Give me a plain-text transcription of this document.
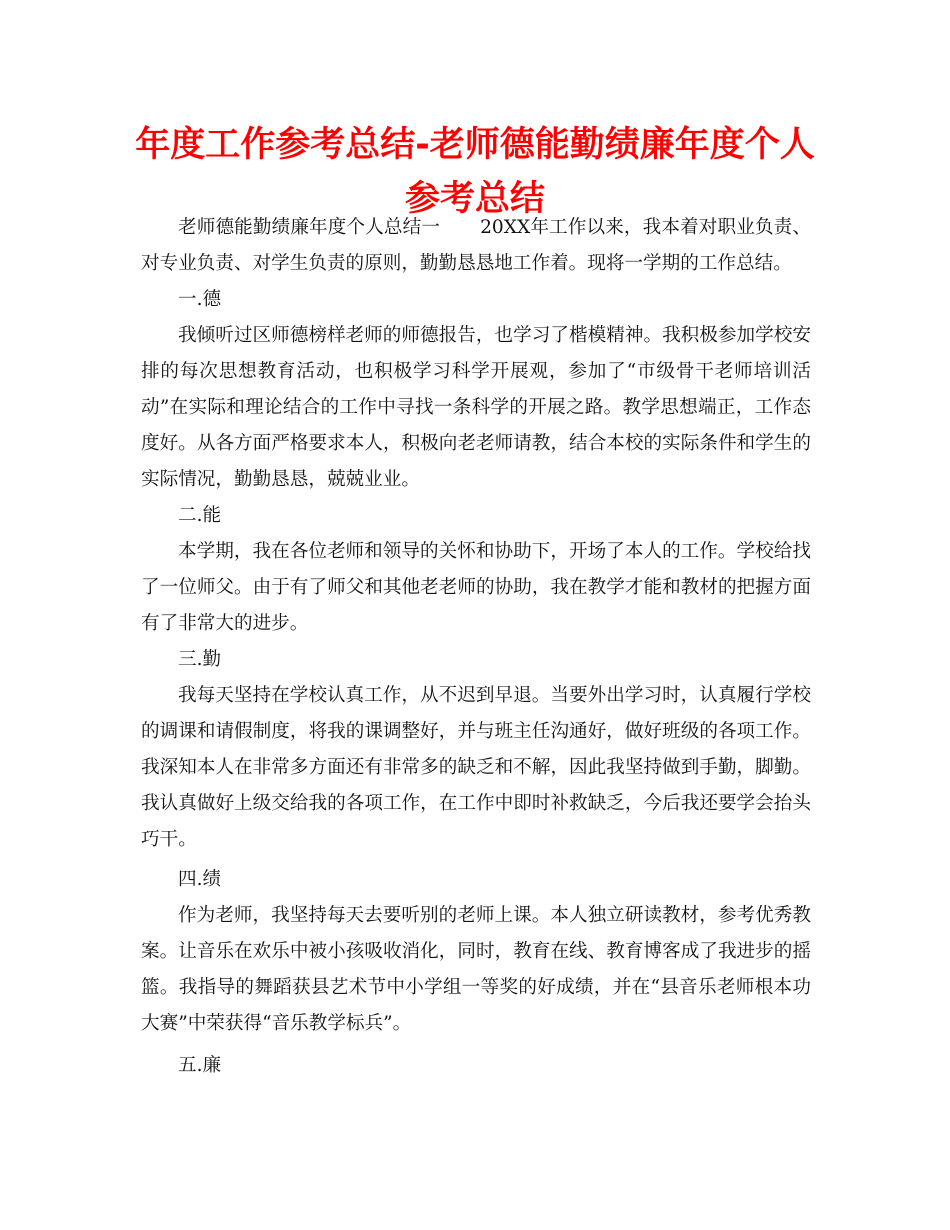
年度工作参考总结-老师德能勤绩廉年度个人参考总结

老师德能勤绩廉年度个人总结一 20XX年工作以来，我本着对职业负责、对专业负责、对学生负责的原则，勤勤恳恳地工作着。现将一学期的工作总结。

一.德

我倾听过区师德榜样老师的师德报告，也学习了楷模精神。我积极参加学校安排的每次思想教育活动，也积极学习科学开展观，参加了“市级骨干老师培训活动”在实际和理论结合的工作中寻找一条科学的开展之路。教学思想端正，工作态度好。从各方面严格要求本人，积极向老老师请教，结合本校的实际条件和学生的实际情况，勤勤恳恳，兢兢业业。

二.能

本学期，我在各位老师和领导的关怀和协助下，开场了本人的工作。学校给找了一位师父。由于有了师父和其他老老师的协助，我在教学才能和教材的把握方面有了非常大的进步。

三.勤

我每天坚持在学校认真工作，从不迟到早退。当要外出学习时，认真履行学校的调课和请假制度，将我的课调整好，并与班主任沟通好，做好班级的各项工作。我深知本人在非常多方面还有非常多的缺乏和不解，因此我坚持做到手勤，脚勤。我认真做好上级交给我的各项工作，在工作中即时补救缺乏，今后我还要学会抬头巧干。

四.绩

作为老师，我坚持每天去要听别的老师上课。本人独立研读教材，参考优秀教案。让音乐在欢乐中被小孩吸收消化，同时，教育在线、教育博客成了我进步的摇篮。我指导的舞蹈获县艺术节中小学组一等奖的好成绩，并在“县音乐老师根本功大赛”中荣获得“音乐教学标兵”。

五.廉
